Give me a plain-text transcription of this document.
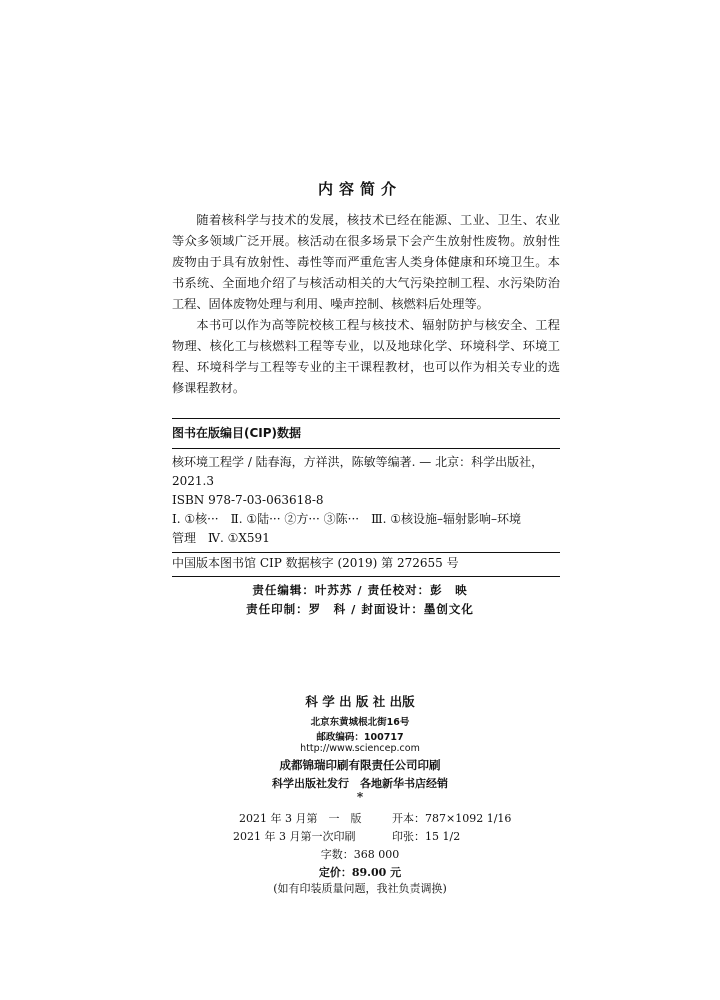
内容简介

随着核科学与技术的发展，核技术已经在能源、工业、卫生、农业等众多领域广泛开展。核活动在很多场景下会产生放射性废物。放射性废物由于具有放射性、毒性等而严重危害人类身体健康和环境卫生。本书系统、全面地介绍了与核活动相关的大气污染控制工程、水污染防治工程、固体废物处理与利用、噪声控制、核燃料后处理等。

本书可以作为高等院校核工程与核技术、辐射防护与核安全、工程物理、核化工与核燃料工程等专业，以及地球化学、环境科学、环境工程、环境科学与工程等专业的主干课程教材，也可以作为相关专业的选修课程教材。

图书在版编目(CIP)数据
核环境工程学 / 陆春海，方祥洪，陈敏等编著. — 北京：科学出版社，
2021.3
ISBN 978-7-03-063618-8
Ⅰ. ①核···　Ⅱ. ①陆··· ②方··· ③陈···　Ⅲ. ①核设施–辐射影响–环境
管理　Ⅳ. ①X591
中国版本图书馆 CIP 数据核字 (2019) 第 272655 号
责任编辑：叶苏苏 / 责任校对：彭　映
责任印制：罗　科 / 封面设计：墨创文化
科 学 出 版 社 出版
北京东黄城根北街16号
邮政编码：100717
http://www.sciencep.com
成都锦瑞印刷有限责任公司印刷
科学出版社发行　各地新华书店经销
*
2021 年 3 月第　一　版	开本：787×1092 1/16
2021 年 3 月第一次印刷	印张：15 1/2
字数：368 000
定价：89.00 元
(如有印装质量问题，我社负责调换)
